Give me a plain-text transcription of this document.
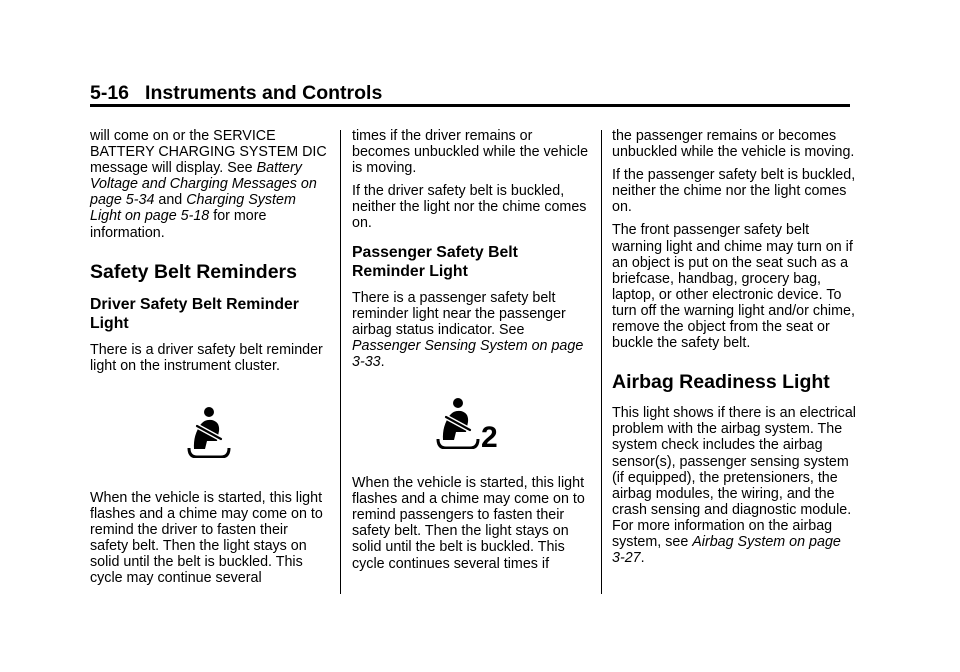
5-16 Instruments and Controls

will come on or the SERVICE BATTERY CHARGING SYSTEM DIC message will display. See Battery Voltage and Charging Messages on page 5-34 and Charging System Light on page 5-18 for more information.

Safety Belt Reminders
Driver Safety Belt Reminder Light

There is a driver safety belt reminder light on the instrument cluster.

When the vehicle is started, this light flashes and a chime may come on to remind the driver to fasten their safety belt. Then the light stays on solid until the belt is buckled. This cycle may continue several

times if the driver remains or becomes unbuckled while the vehicle is moving.

If the driver safety belt is buckled, neither the light nor the chime comes on.

Passenger Safety Belt Reminder Light

There is a passenger safety belt reminder light near the passenger airbag status indicator. See Passenger Sensing System on page 3-33.

2

When the vehicle is started, this light flashes and a chime may come on to remind passengers to fasten their safety belt. Then the light stays on solid until the belt is buckled. This cycle continues several times if

the passenger remains or becomes unbuckled while the vehicle is moving.

If the passenger safety belt is buckled, neither the chime nor the light comes on.

The front passenger safety belt warning light and chime may turn on if an object is put on the seat such as a briefcase, handbag, grocery bag, laptop, or other electronic device. To turn off the warning light and/or chime, remove the object from the seat or buckle the safety belt.

Airbag Readiness Light

This light shows if there is an electrical problem with the airbag system. The system check includes the airbag sensor(s), passenger sensing system (if equipped), the pretensioners, the airbag modules, the wiring, and the crash sensing and diagnostic module. For more information on the airbag system, see Airbag System on page 3-27.
